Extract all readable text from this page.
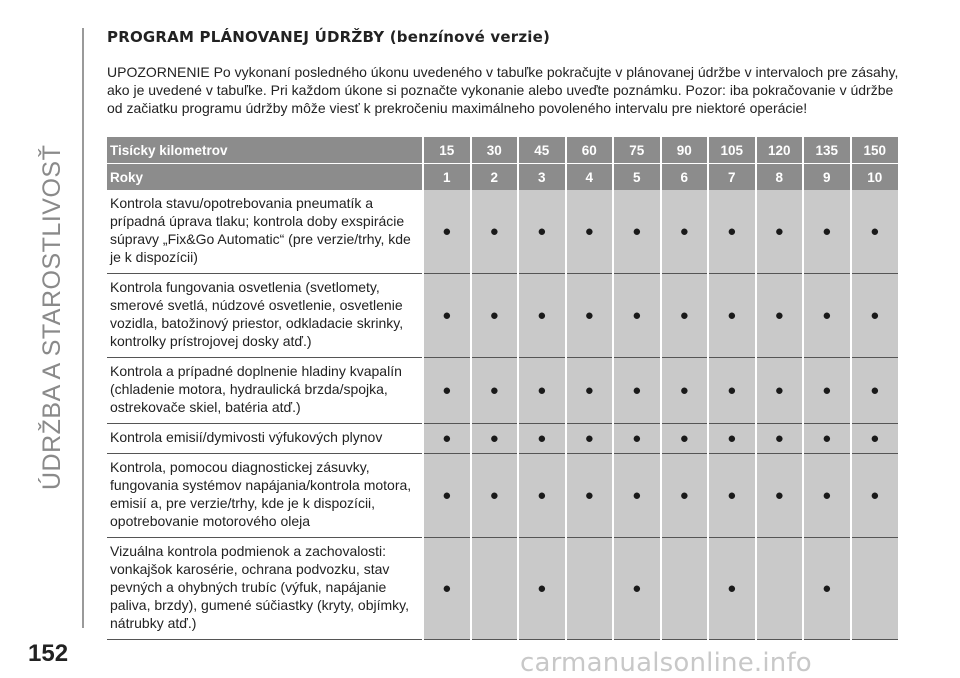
ÚDRŽBA A STAROSTLIVOSŤ
PROGRAM PLÁNOVANEJ ÚDRŽBY (benzínové verzie)
UPOZORNENIE Po vykonaní posledného úkonu uvedeného v tabuľke pokračujte v plánovanej údržbe v intervaloch pre zásahy, ako je uvedené v tabuľke. Pri každom úkone si poznačte vykonanie alebo uveďte poznámku. Pozor: iba pokračovanie v údržbe od začiatku programu údržby môže viesť k prekročeniu maximálneho povoleného intervalu pre niektoré operácie!
Tisícky kilometrov	15	30	45	60	75	90	105	120	135	150
Roky	1	2	3	4	5	6	7	8	9	10
Kontrola stavu/opotrebovania pneumatík a prípadná úprava tlaku; kontrola doby exspirácie súpravy „Fix&Go Automatic“ (pre verzie/trhy, kde je k dispozícii)	●	●	●	●	●	●	●	●	●	●
Kontrola fungovania osvetlenia (svetlomety, smerové svetlá, núdzové osvetlenie, osvetlenie vozidla, batožinový priestor, odkladacie skrinky, kontrolky prístrojovej dosky atď.)	●	●	●	●	●	●	●	●	●	●
Kontrola a prípadné doplnenie hladiny kvapalín (chladenie motora, hydraulická brzda/spojka, ostrekovače skiel, batéria atď.)	●	●	●	●	●	●	●	●	●	●
Kontrola emisií/dymivosti výfukových plynov	●	●	●	●	●	●	●	●	●	●
Kontrola, pomocou diagnostickej zásuvky, fungovania systémov napájania/kontrola motora, emisií a, pre verzie/trhy, kde je k dispozícii, opotrebovanie motorového oleja	●	●	●	●	●	●	●	●	●	●
Vizuálna kontrola podmienok a zachovalosti: vonkajšok karosérie, ochrana podvozku, stav pevných a ohybných trubíc (výfuk, napájanie paliva, brzdy), gumené súčiastky (kryty, objímky, nátrubky atď.)	●		●		●		●		●	
152	carmanualsonline.info
